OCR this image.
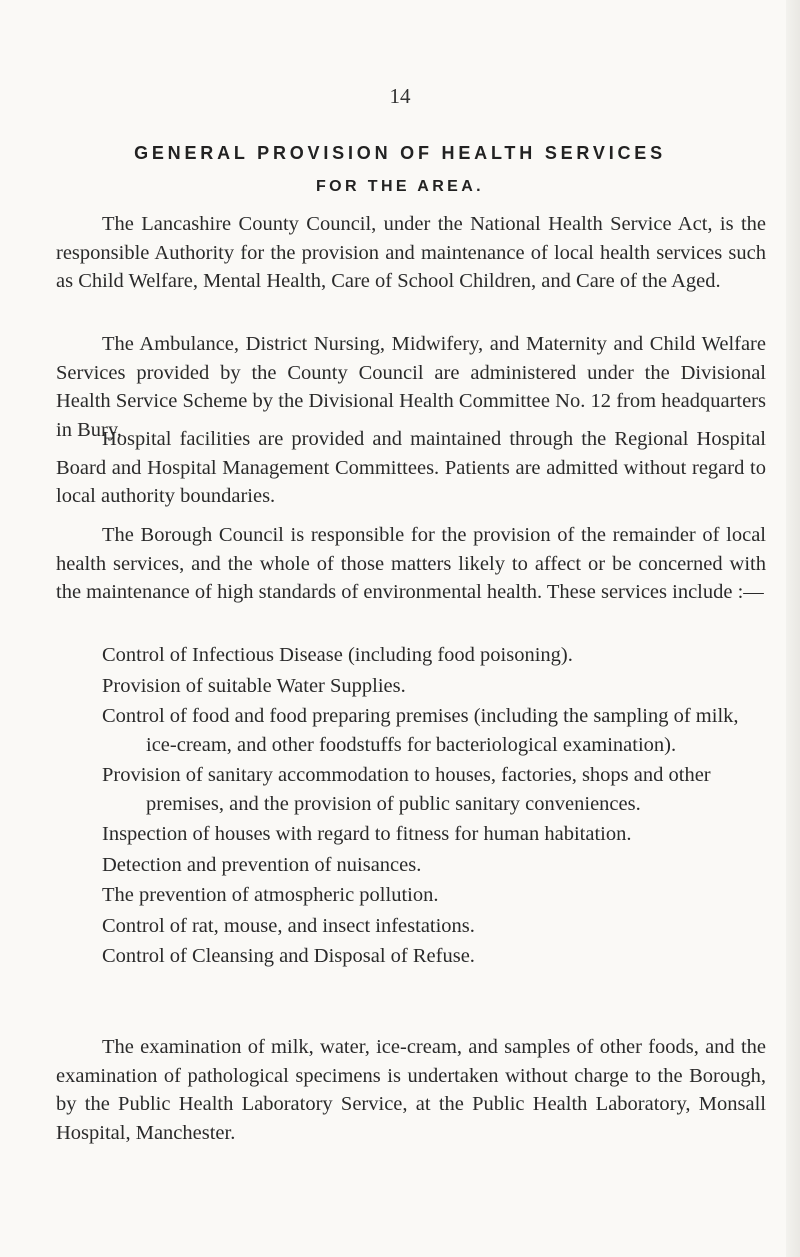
14
GENERAL PROVISION OF HEALTH SERVICES
FOR THE AREA.

The Lancashire County Council, under the National Health Service Act, is the responsible Authority for the provision and maintenance of local health services such as Child Welfare, Mental Health, Care of School Children, and Care of the Aged.

The Ambulance, District Nursing, Midwifery, and Maternity and Child Welfare Services provided by the County Council are administered under the Divisional Health Service Scheme by the Divisional Health Committee No. 12 from headquarters in Bury.

Hospital facilities are provided and maintained through the Regional Hospital Board and Hospital Management Committees. Patients are admitted without regard to local authority boundaries.

The Borough Council is responsible for the provision of the remainder of local health services, and the whole of those matters likely to affect or be concerned with the maintenance of high standards of environmental health. These services include :—

Control of Infectious Disease (including food poisoning).
Provision of suitable Water Supplies.
Control of food and food preparing premises (including the sampling of milk, ice-cream, and other foodstuffs for bacteriological examination).
Provision of sanitary accommodation to houses, factories, shops and other premises, and the provision of public sanitary conveniences.
Inspection of houses with regard to fitness for human habitation.
Detection and prevention of nuisances.
The prevention of atmospheric pollution.
Control of rat, mouse, and insect infestations.
Control of Cleansing and Disposal of Refuse.

The examination of milk, water, ice-cream, and samples of other foods, and the examination of pathological specimens is undertaken without charge to the Borough, by the Public Health Laboratory Service, at the Public Health Laboratory, Monsall Hospital, Manchester.
